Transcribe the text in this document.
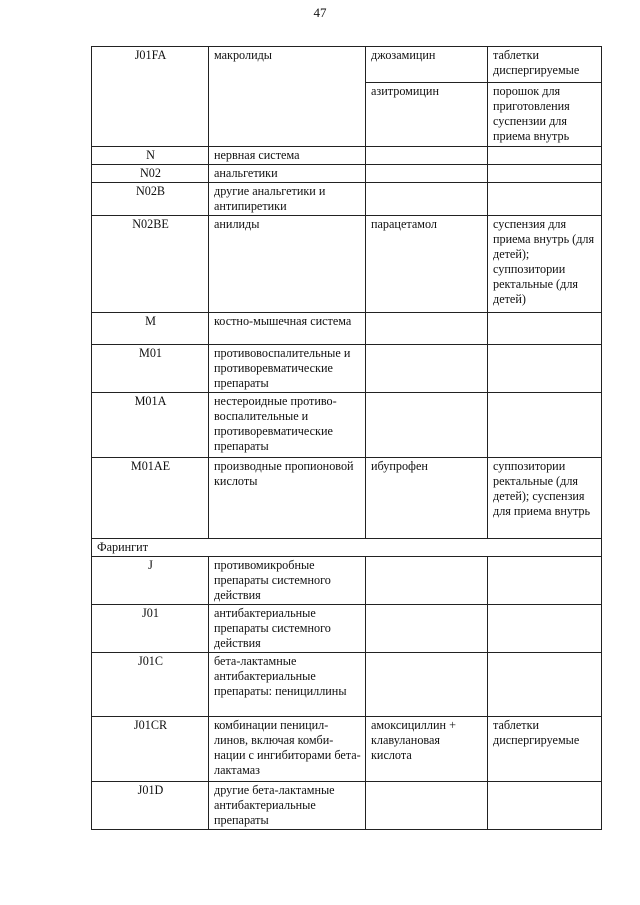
47
J01FA	макролиды	джозамицин	таблетки диспергируемые
		азитромицин	порошок для приготовления суспензии для приема внутрь
N	нервная система		
N02	анальгетики		
N02B	другие анальгетики и антипиретики		
N02BE	анилиды	парацетамол	суспензия для приема внутрь (для детей); суппозитории ректальные (для детей)
M	костно-мышечная система		
M01	противовоспалительные и противоревматические препараты		
M01A	нестероидные противо-воспалительные и противоревматические препараты		
M01AE	производные пропионовой кислоты	ибупрофен	суппозитории ректальные (для детей); суспензия для приема внутрь
Фарингит			
J	противомикробные препараты системного действия		
J01	антибактериальные препараты системного действия		
J01C	бета-лактамные антибактериальные препараты: пенициллины		
J01CR	комбинации пеницил-линов, включая комби-нации с ингибиторами бета-лактамаз	амоксициллин + клавулановая кислота	таблетки диспергируемые
J01D	другие бета-лактамные антибактериальные препараты		
